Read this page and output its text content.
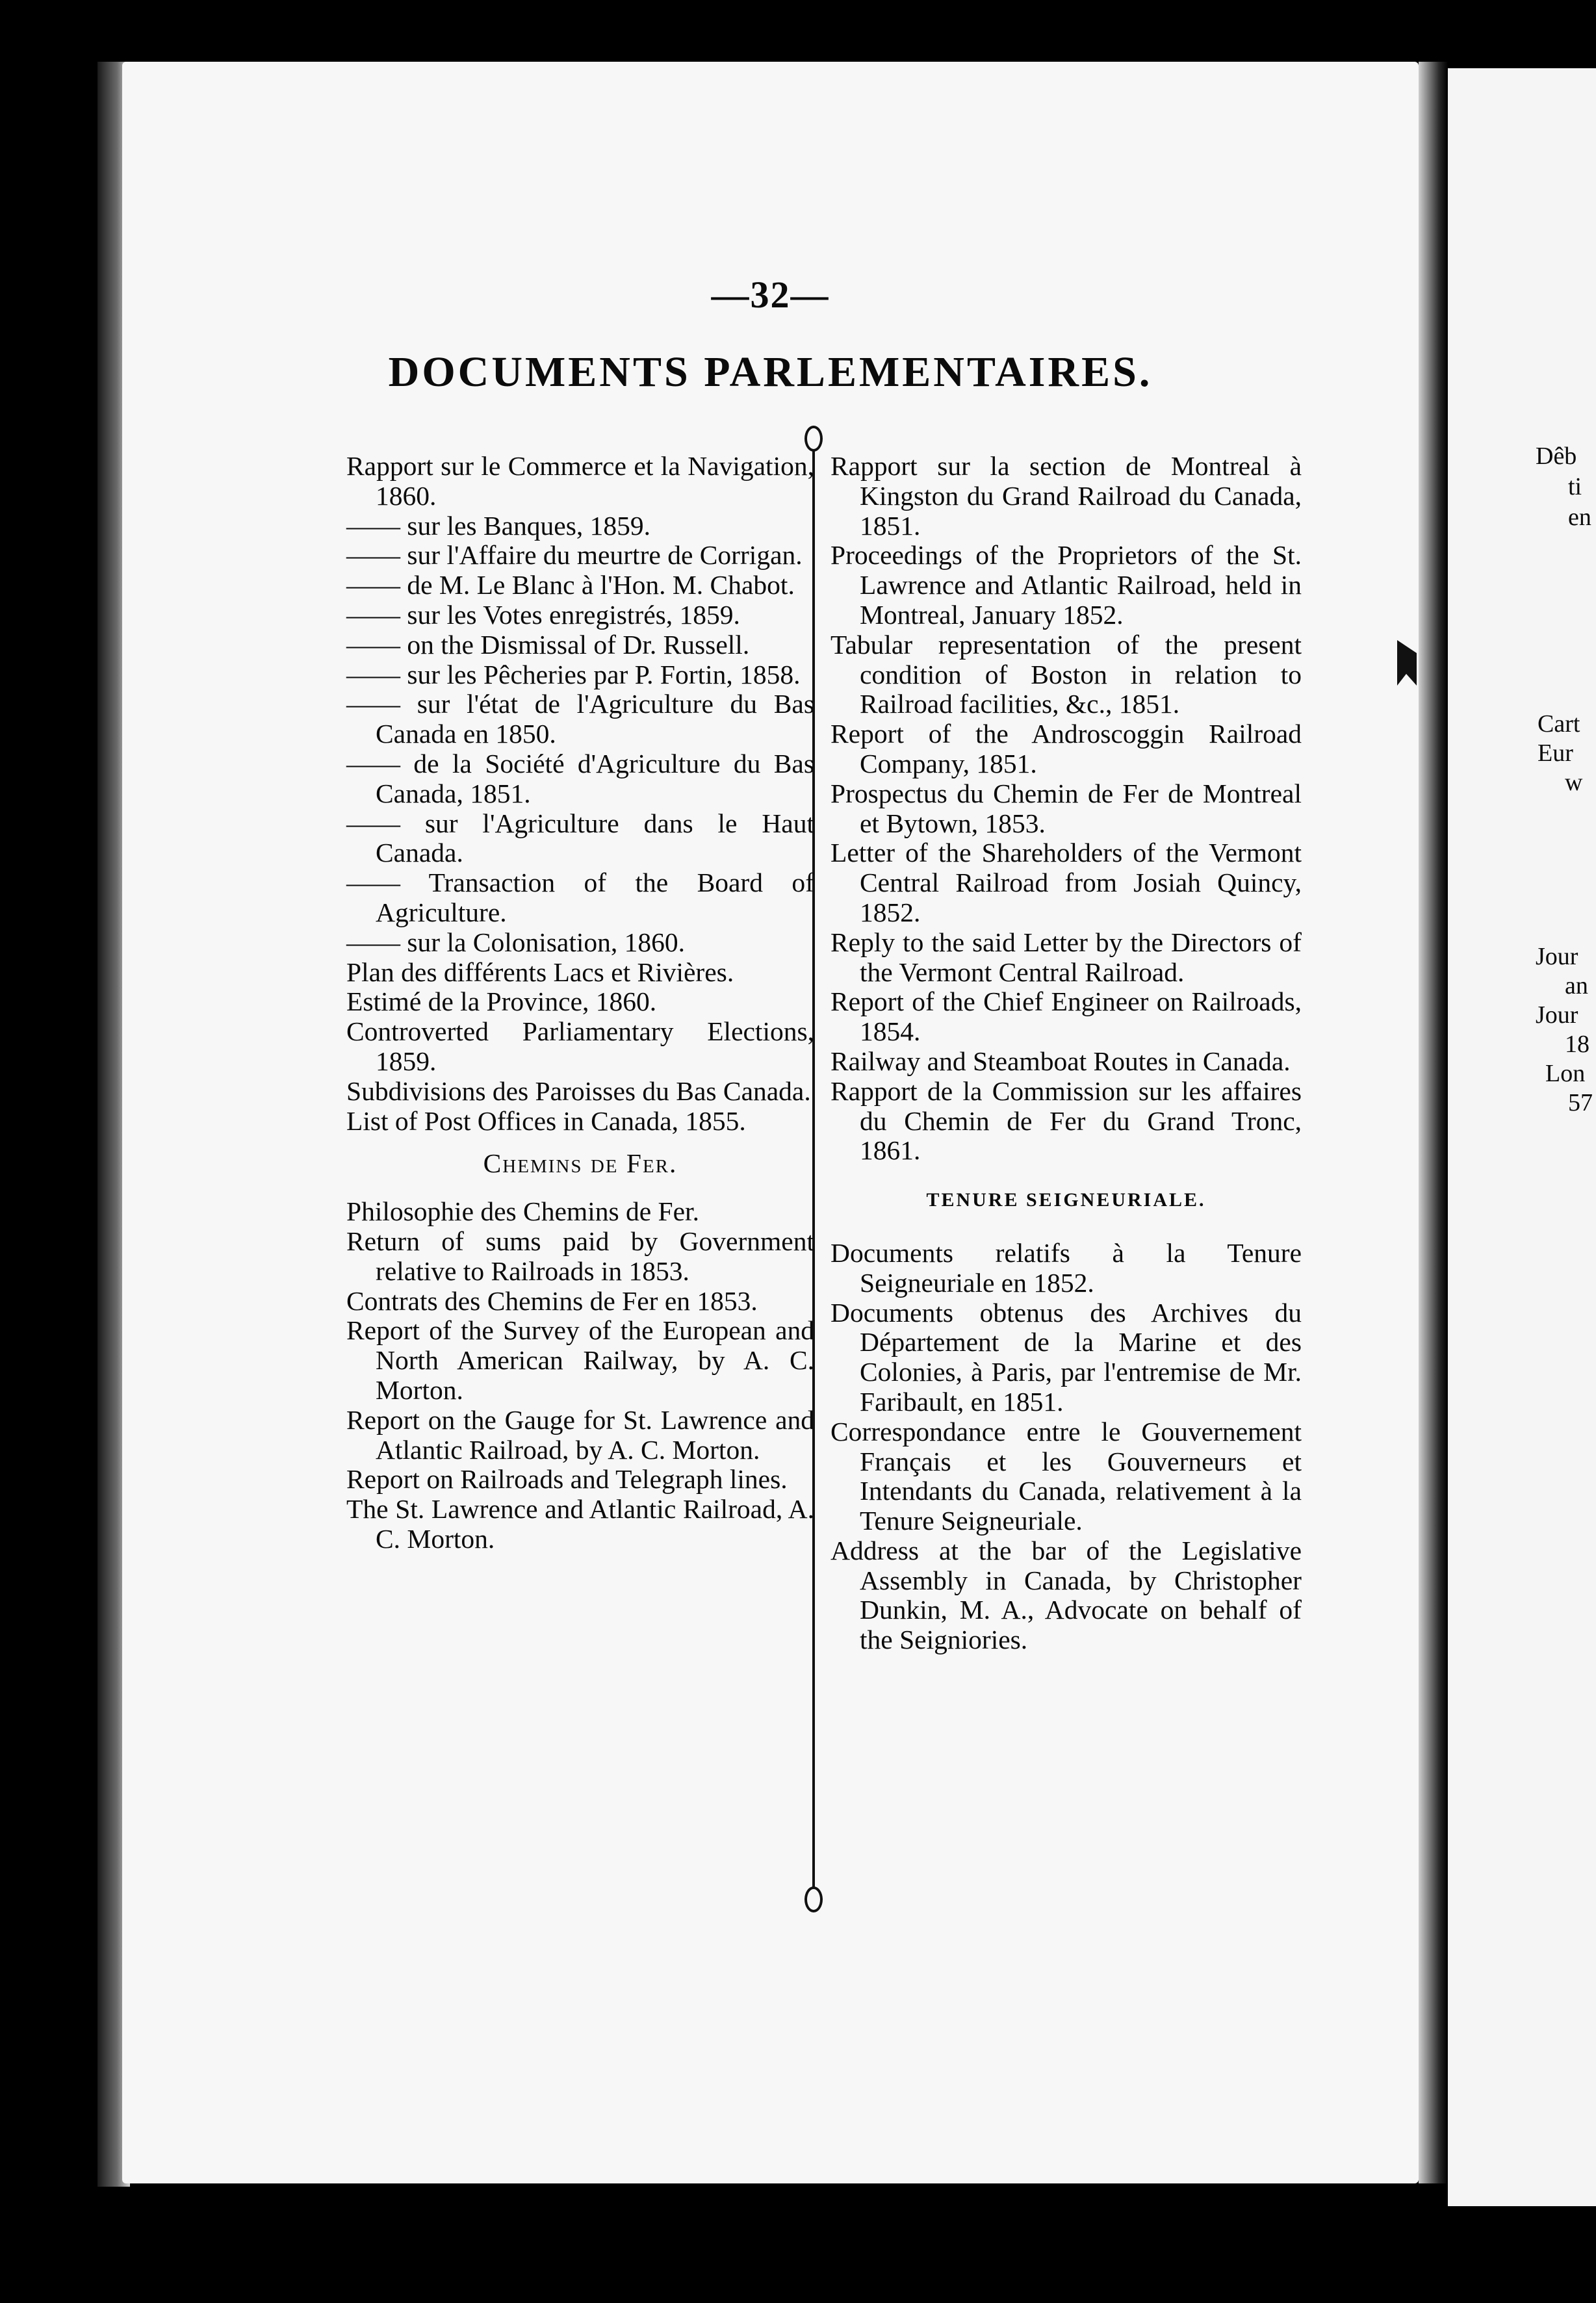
—32—
DOCUMENTS PARLEMENTAIRES.

Rapport sur le Commerce et la Navigation, 1860.

—— sur les Banques, 1859.

—— sur l'Affaire du meurtre de Corrigan.

—— de M. Le Blanc à l'Hon. M. Chabot.

—— sur les Votes enregistrés, 1859.

—— on the Dismissal of Dr. Russell.

—— sur les Pêcheries par P. Fortin, 1858.

—— sur l'état de l'Agriculture du Bas Canada en 1850.

—— de la Société d'Agriculture du Bas Canada, 1851.

—— sur l'Agriculture dans le Haut Canada.

—— Transaction of the Board of Agriculture.

—— sur la Colonisation, 1860.

Plan des différents Lacs et Rivières.

Estimé de la Province, 1860.

Controverted Parliamentary Elections, 1859.

Subdivisions des Paroisses du Bas Canada.

List of Post Offices in Canada, 1855.

Chemins de Fer.

Philosophie des Chemins de Fer.

Return of sums paid by Government relative to Railroads in 1853.

Contrats des Chemins de Fer en 1853.

Report of the Survey of the European and North American Railway, by A. C. Morton.

Report on the Gauge for St. Lawrence and Atlantic Railroad, by A. C. Morton.

Report on Railroads and Telegraph lines.

The St. Lawrence and Atlantic Railroad, A. C. Morton.

Rapport sur la section de Montreal à Kingston du Grand Railroad du Canada, 1851.

Proceedings of the Proprietors of the St. Lawrence and Atlantic Railroad, held in Montreal, January 1852.

Tabular representation of the present condition of Boston in relation to Railroad facilities, &c., 1851.

Report of the Androscoggin Railroad Company, 1851.

Prospectus du Chemin de Fer de Montreal et Bytown, 1853.

Letter of the Shareholders of the Vermont Central Railroad from Josiah Quincy, 1852.

Reply to the said Letter by the Directors of the Vermont Central Railroad.

Report of the Chief Engineer on Railroads, 1854.

Railway and Steamboat Routes in Canada.

Rapport de la Commission sur les affaires du Chemin de Fer du Grand Tronc, 1861.

TENURE SEIGNEURIALE.

Documents relatifs à la Tenure Seigneuriale en 1852.

Documents obtenus des Archives du Département de la Marine et des Colonies, à Paris, par l'entremise de Mr. Faribault, en 1851.

Correspondance entre le Gouvernement Français et les Gouverneurs et Intendants du Canada, relativement à la Tenure Seigneuriale.

Address at the bar of the Legislative Assembly in Canada, by Christopher Dunkin, M. A., Advocate on behalf of the Seigniories.

Dêb
ti
en
Cart
Eur
w
Jour
an
Jour
18
Lon
57
